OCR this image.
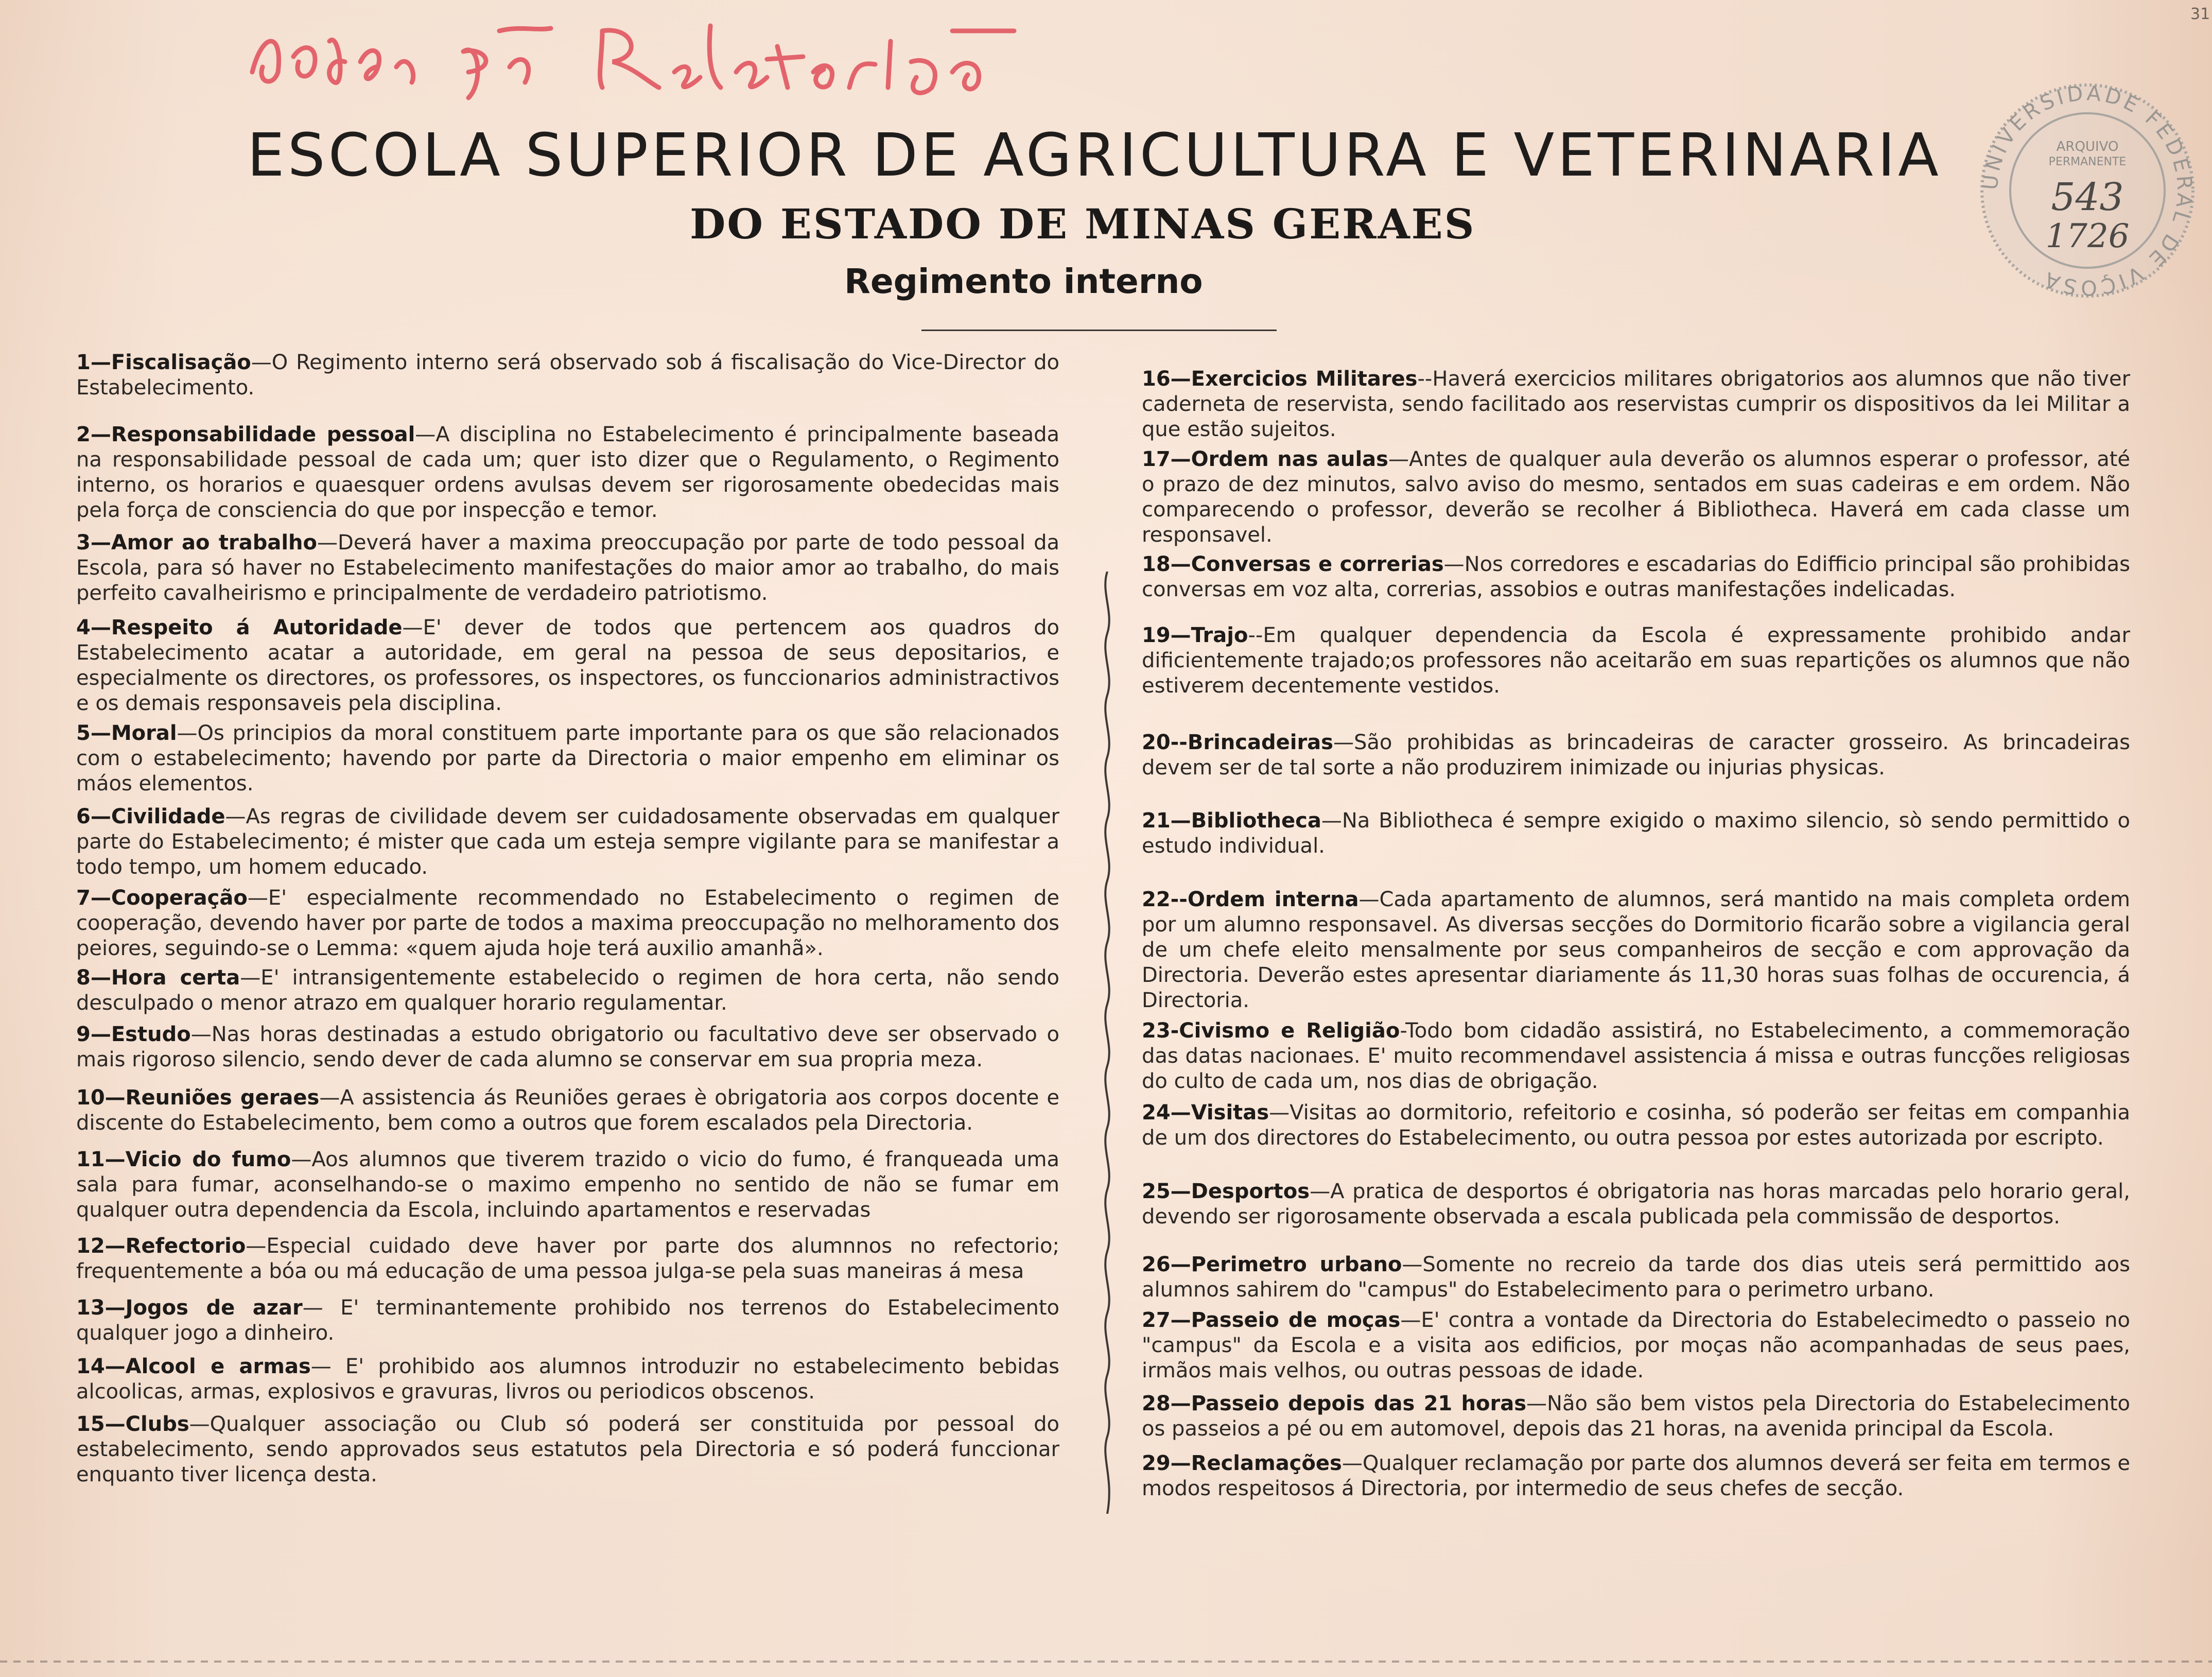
31
ESCOLA SUPERIOR DE AGRICULTURA E VETERINARIA
DO ESTADO DE MINAS GERAES
Regimento interno
UNIVERSIDADE FEDERAL DE VIÇOSA
ARQUIVO
PERMANENTE
543
1726
1—Fiscalisação—O Regimento interno será observado sob á fiscalisação do Vice-Director do Estabelecimento.
2—Responsabilidade pessoal—A disciplina no Estabelecimento é principalmente baseada na responsabilidade pessoal de cada um; quer isto dizer que o Regulamento, o Regimento interno, os horarios e quaesquer ordens avulsas devem ser rigorosamente obedecidas mais pela força de consciencia do que por inspecção e temor.
3—Amor ao trabalho—Deverá haver a maxima preoccupação por parte de todo pessoal da Escola, para só haver no Estabelecimento manifestações do maior amor ao trabalho, do mais perfeito cavalheirismo e principalmente de verdadeiro patriotismo.
4—Respeito á Autoridade—E' dever de todos que pertencem aos quadros do Estabelecimento acatar a autoridade, em geral na pessoa de seus depositarios, e especialmente os directores, os professores, os inspectores, os funccionarios administractivos e os demais responsaveis pela disciplina.
5—Moral—Os principios da moral constituem parte importante para os que são relacionados com o estabelecimento; havendo por parte da Directoria o maior empenho em eliminar os máos elementos.
6—Civilidade—As regras de civilidade devem ser cuidadosamente observadas em qualquer parte do Estabelecimento; é mister que cada um esteja sempre vigilante para se manifestar a todo tempo, um homem educado.
7—Cooperação—E' especialmente recommendado no Estabelecimento o regimen de cooperação, devendo haver por parte de todos a maxima preoccupação no melhoramento dos peiores, seguindo-se o Lemma: «quem ajuda hoje terá auxilio amanhã».
8—Hora certa—E' intransigentemente estabelecido o regimen de hora certa, não sendo desculpado o menor atrazo em qualquer horario regulamentar.
9—Estudo—Nas horas destinadas a estudo obrigatorio ou facultativo deve ser observado o mais rigoroso silencio, sendo dever de cada alumno se conservar em sua propria meza.
10—Reuniões geraes—A assistencia ás Reuniões geraes è obrigatoria aos corpos docente e discente do Estabelecimento, bem como a outros que forem escalados pela Directoria.
11—Vicio do fumo—Aos alumnos que tiverem trazido o vicio do fumo, é franqueada uma sala para fumar, aconselhando-se o maximo empenho no sentido de não se fumar em qualquer outra dependencia da Escola, incluindo apartamentos e reservadas
12—Refectorio—Especial cuidado deve haver por parte dos alumnnos no refectorio; frequentemente a bóa ou má educação de uma pessoa julga-se pela suas maneiras á mesa
13—Jogos de azar— E' terminantemente prohibido nos terrenos do Estabelecimento qualquer jogo a dinheiro.
14—Alcool e armas— E' prohibido aos alumnos introduzir no estabelecimento bebidas alcoolicas, armas, explosivos e gravuras, livros ou periodicos obscenos.
15—Clubs—Qualquer associação ou Club só poderá ser constituida por pessoal do estabelecimento, sendo approvados seus estatutos pela Directoria e só poderá funccionar enquanto tiver licença desta.
16—Exercicios Militares--Haverá exercicios militares obrigatorios aos alumnos que não tiver caderneta de reservista, sendo facilitado aos reservistas cumprir os dispositivos da lei Militar a que estão sujeitos.
17—Ordem nas aulas—Antes de qualquer aula deverão os alumnos esperar o professor, até o prazo de dez minutos, salvo aviso do mesmo, sentados em suas cadeiras e em ordem. Não comparecendo o professor, deverão se recolher á Bibliotheca. Haverá em cada classe um responsavel.
18—Conversas e correrias—Nos corredores e escadarias do Edifficio principal são prohibidas conversas em voz alta, correrias, assobios e outras manifestações indelicadas.
19—Trajo--Em qualquer dependencia da Escola é expressamente prohibido andar dificientemente trajado;os professores não aceitarão em suas repartições os alumnos que não estiverem decentemente vestidos.
20--Brincadeiras—São prohibidas as brincadeiras de caracter grosseiro. As brincadeiras devem ser de tal sorte a não produzirem inimizade ou injurias physicas.
21—Bibliotheca—Na Bibliotheca é sempre exigido o maximo silencio, sò sendo permittido o estudo individual.
22--Ordem interna—Cada apartamento de alumnos, será mantido na mais completa ordem por um alumno responsavel. As diversas secções do Dormitorio ficarão sobre a vigilancia geral de um chefe eleito mensalmente por seus companheiros de secção e com approvação da Directoria. Deverão estes apresentar diariamente ás 11,30 horas suas folhas de occurencia, á Directoria.
23-Civismo e Religião-Todo bom cidadão assistirá, no Estabelecimento, a commemoração das datas nacionaes. E' muito recommendavel assistencia á missa e outras funcções religiosas do culto de cada um, nos dias de obrigação.
24—Visitas—Visitas ao dormitorio, refeitorio e cosinha, só poderão ser feitas em companhia de um dos directores do Estabelecimento, ou outra pessoa por estes autorizada por escripto.
25—Desportos—A pratica de desportos é obrigatoria nas horas marcadas pelo horario geral, devendo ser rigorosamente observada a escala publicada pela commissão de desportos.
26—Perimetro urbano—Somente no recreio da tarde dos dias uteis será permittido aos alumnos sahirem do "campus" do Estabelecimento para o perimetro urbano.
27—Passeio de moças—E' contra a vontade da Directoria do Estabelecimedto o passeio no "campus" da Escola e a visita aos edificios, por moças não acompanhadas de seus paes, irmãos mais velhos, ou outras pessoas de idade.
28—Passeio depois das 21 horas—Não são bem vistos pela Directoria do Estabelecimento os passeios a pé ou em automovel, depois das 21 horas, na avenida principal da Escola.
29—Reclamações—Qualquer reclamação por parte dos alumnos deverá ser feita em termos e modos respeitosos á Directoria, por intermedio de seus chefes de secção.
